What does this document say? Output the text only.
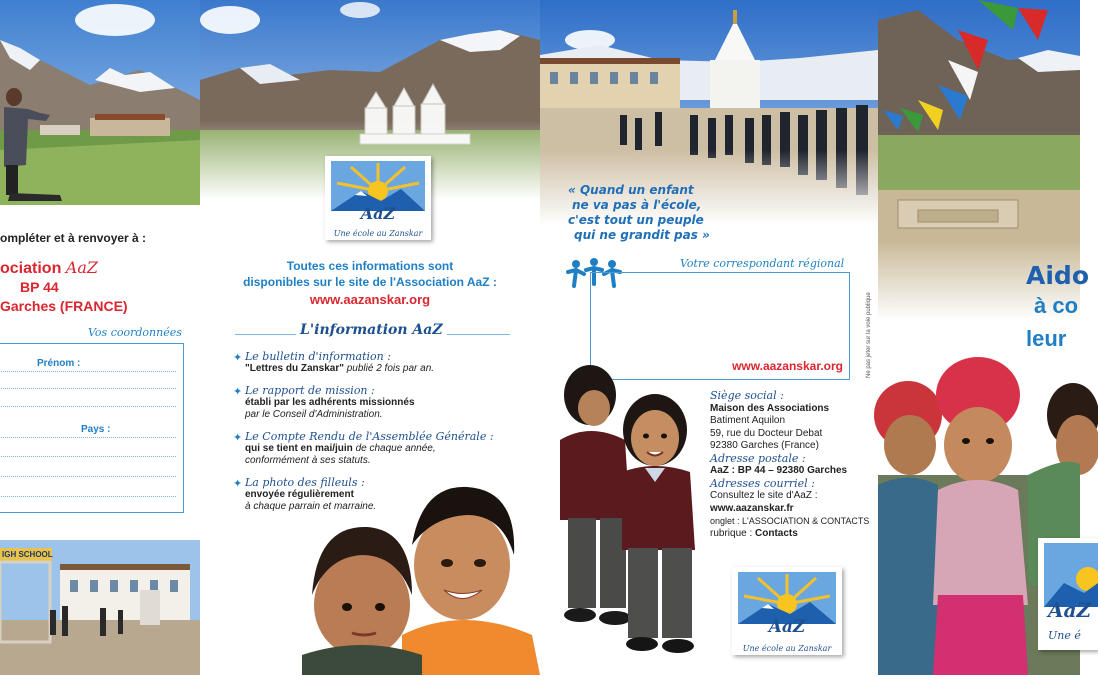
ompléter et à renvoyer à :
ociation AaZ
BP 44
Garches (FRANCE)
Vos coordonnées
Prénom :
Pays :
IGH SCHOOL
AaZ
Une école au Zanskar
Toutes ces informations sont
disponibles sur le site de l'Association AaZ :
www.aazanskar.org
L'information AaZ
✦ Le bulletin d'information :
"Lettres du Zanskar" publié 2 fois par an.
✦ Le rapport de mission :
établi par les adhérents missionnés
par le Conseil d'Administration.
✦ Le Compte Rendu de l'Assemblée Générale :
qui se tient en mai/juin de chaque année,
conformément à ses statuts.
✦ La photo des filleuls :
envoyée régulièrement
à chaque parrain et marraine.
« Quand un enfant
ne va pas à l'école,
c'est tout un peuple
qui ne grandit pas »
Votre correspondant régional
www.aazanskar.org	Ne pas jeter sur la voie publique
Siège social :
Maison des Associations
Batiment Aquilon
59, rue du Docteur Debat
92380 Garches (France)
Adresse postale :
AaZ : BP 44 – 92380 Garches
Adresses courriel :
Consultez le site d'AaZ :
www.aazanskar.fr
onglet : L'ASSOCIATION & CONTACTS
rubrique : Contacts
AaZ
Une école au Zanskar
Aido
à co
leur
AaZ
Une é
